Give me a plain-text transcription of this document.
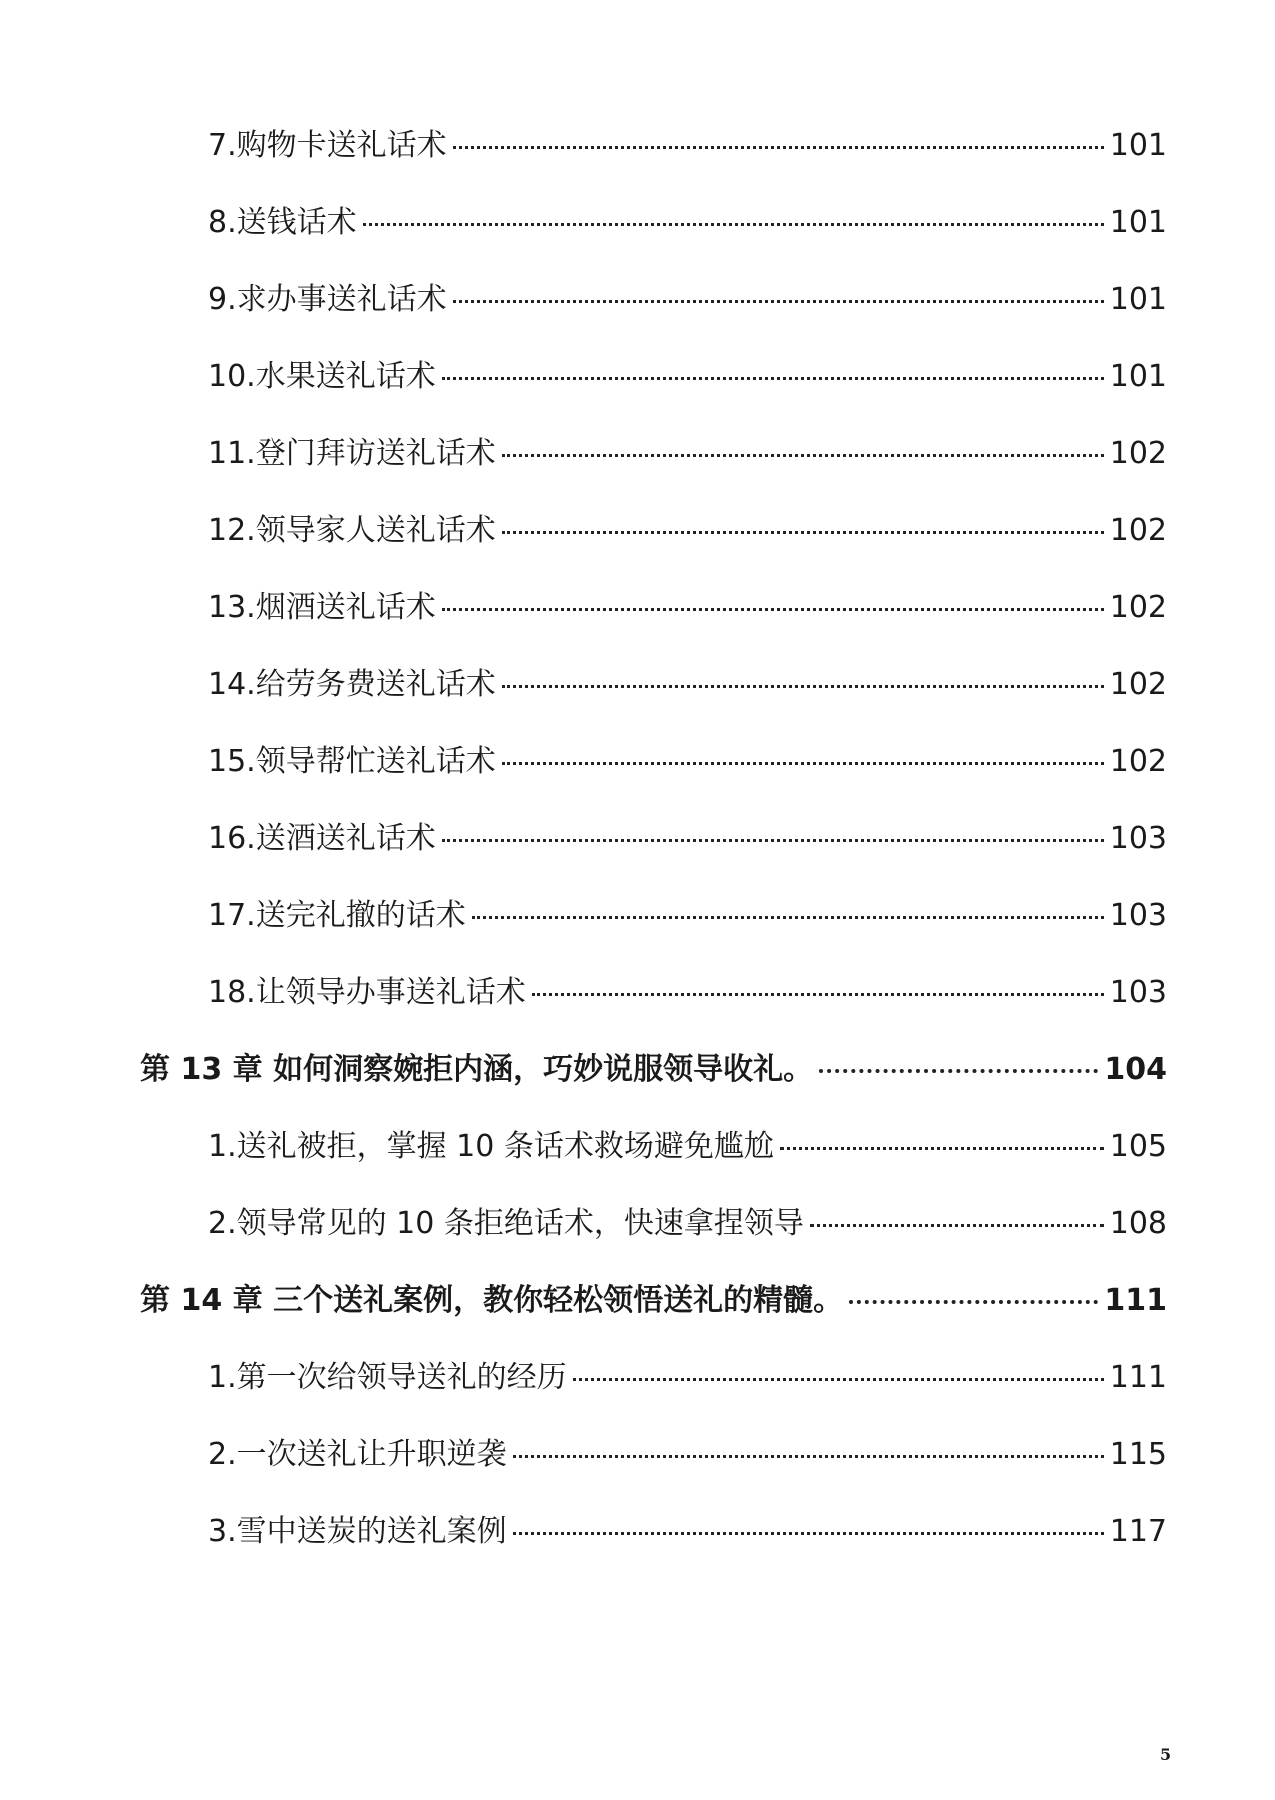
7.购物卡送礼话术	101
8.送钱话术	101
9.求办事送礼话术	101
10.水果送礼话术	101
11.登门拜访送礼话术	102
12.领导家人送礼话术	102
13.烟酒送礼话术	102
14.给劳务费送礼话术	102
15.领导帮忙送礼话术	102
16.送酒送礼话术	103
17.送完礼撤的话术	103
18.让领导办事送礼话术	103
第 13 章 如何洞察婉拒内涵，巧妙说服领导收礼。	104
1.送礼被拒，掌握 10 条话术救场避免尴尬	105
2.领导常见的 10 条拒绝话术，快速拿捏领导	108
第 14 章 三个送礼案例，教你轻松领悟送礼的精髓。	111
1.第一次给领导送礼的经历	111
2.一次送礼让升职逆袭	115
3.雪中送炭的送礼案例	117
5
